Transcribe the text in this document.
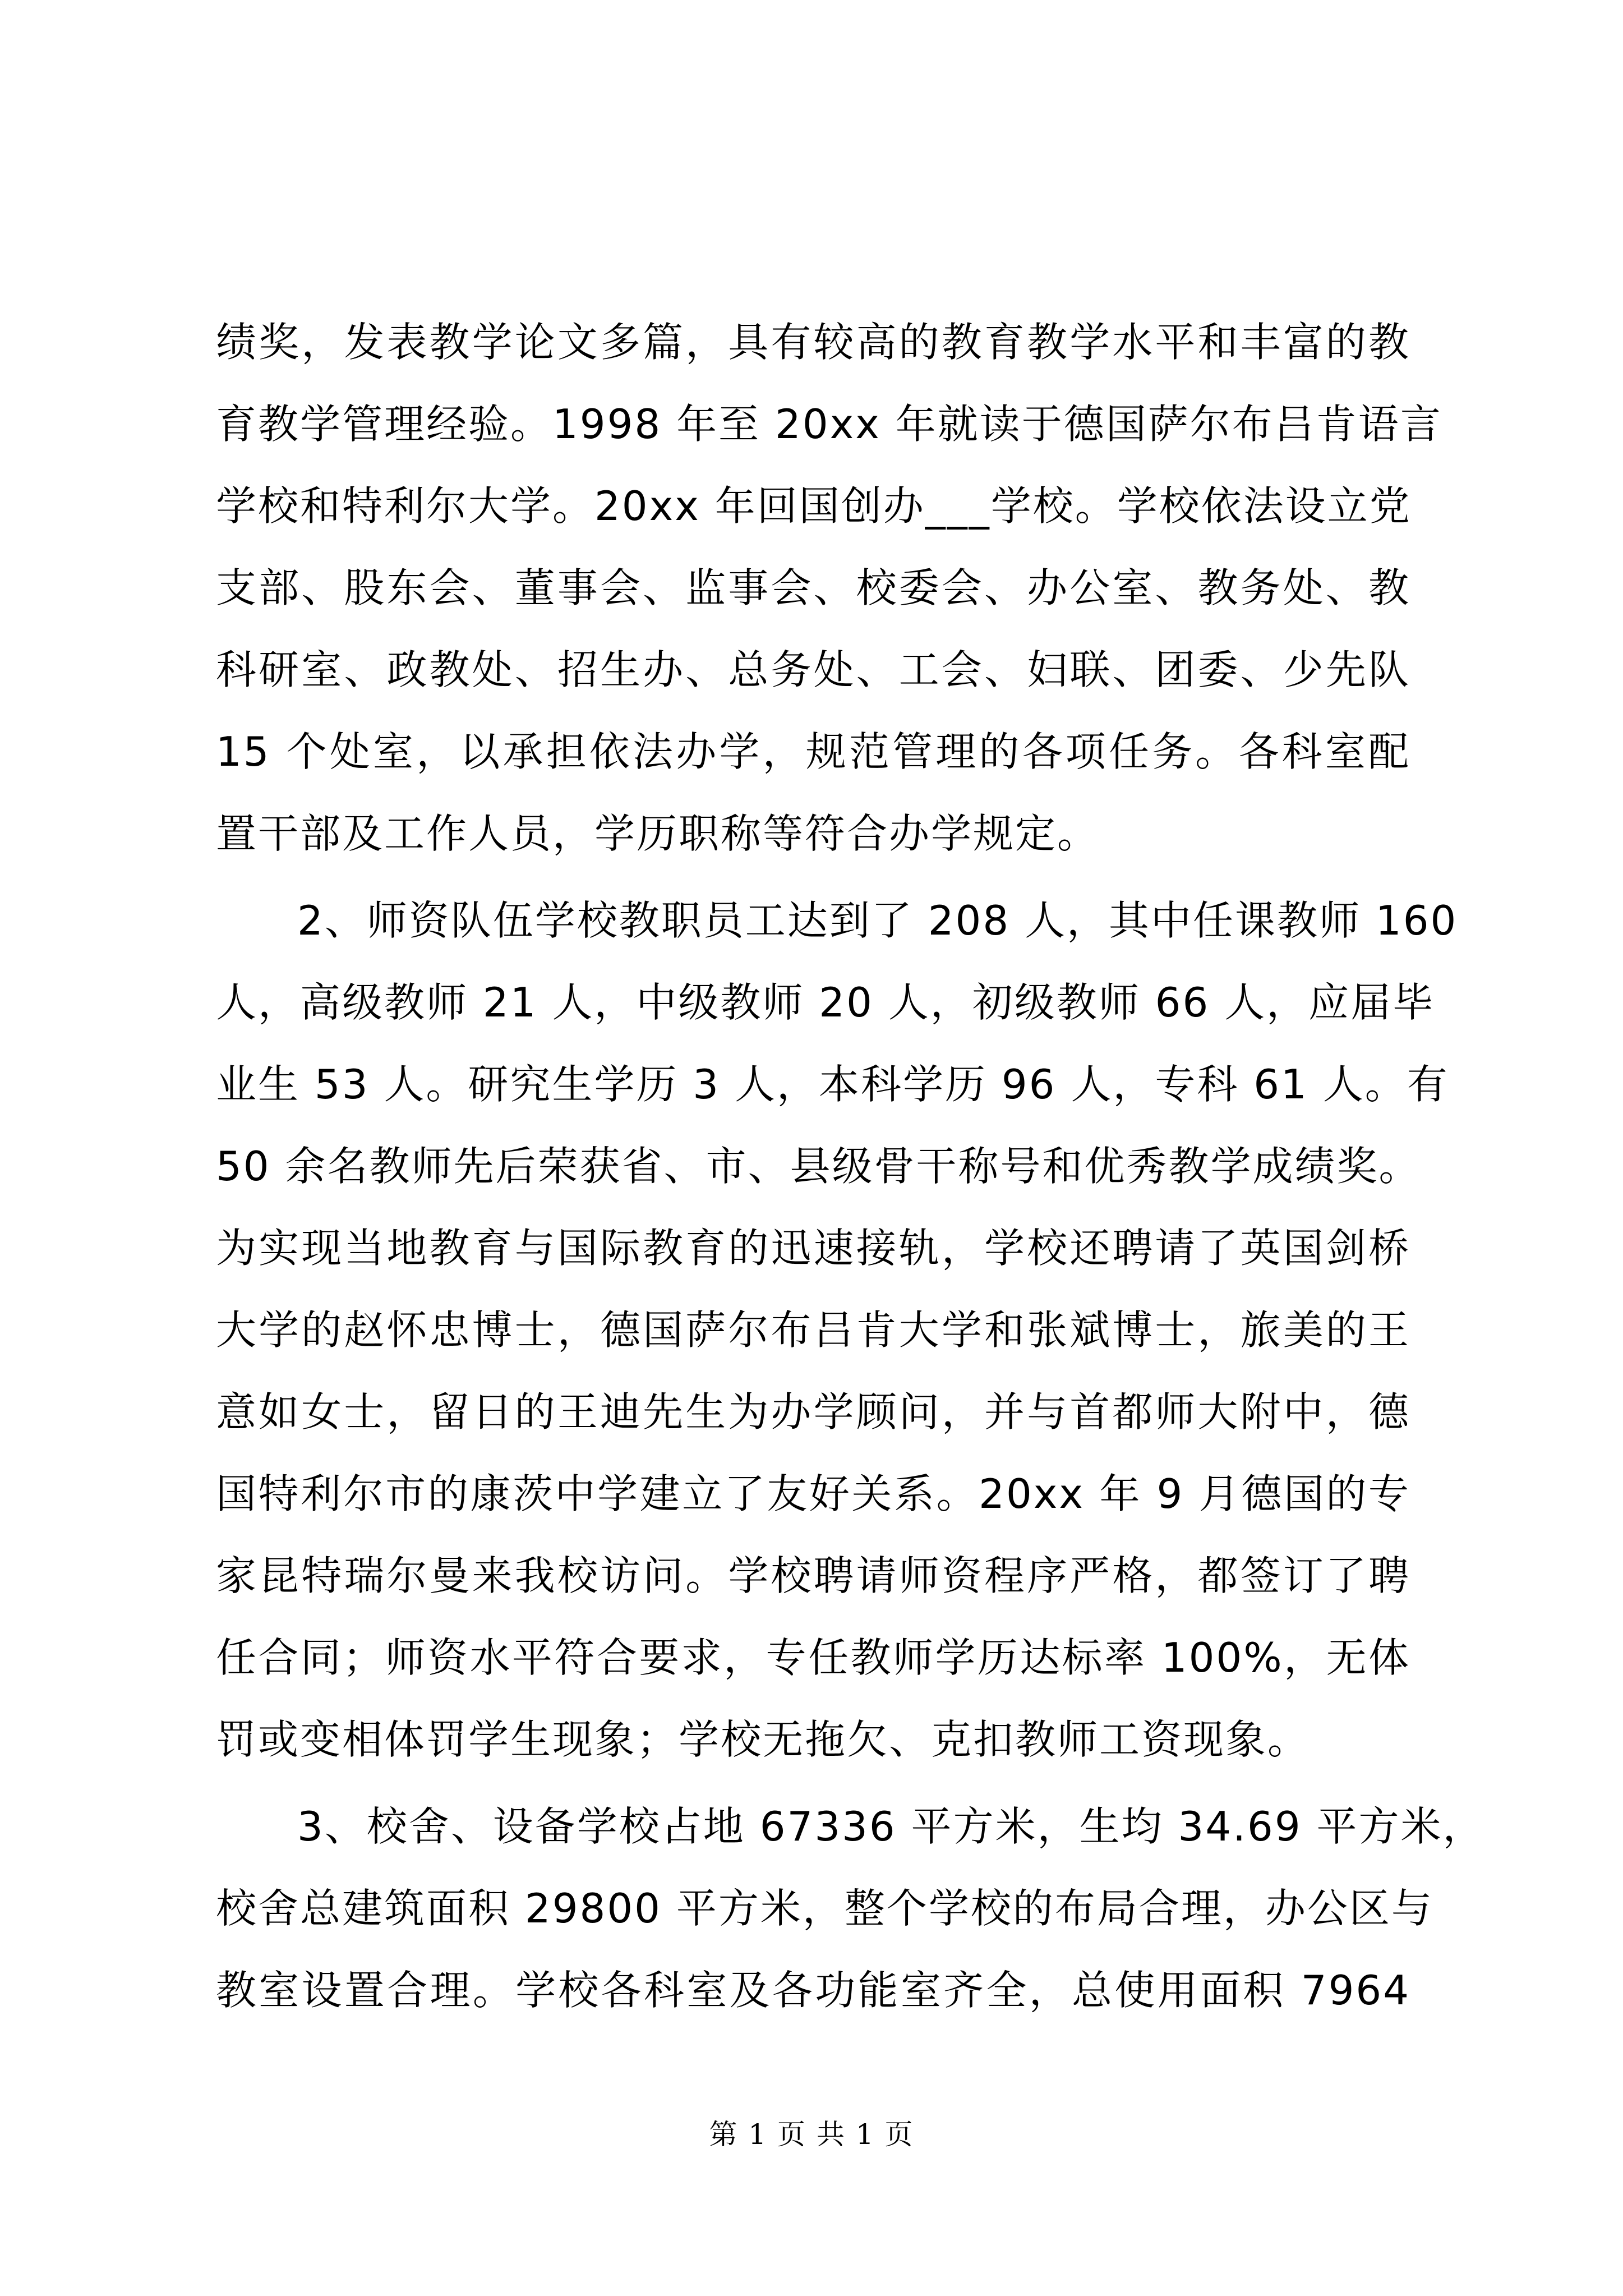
绩奖，发表教学论文多篇，具有较高的教育教学水平和丰富的教
育教学管理经验。1998 年至 20xx 年就读于德国萨尔布吕肯语言
学校和特利尔大学。20xx 年回国创办___学校。学校依法设立党
支部、股东会、董事会、监事会、校委会、办公室、教务处、教
科研室、政教处、招生办、总务处、工会、妇联、团委、少先队
15 个处室，以承担依法办学，规范管理的各项任务。各科室配
置干部及工作人员，学历职称等符合办学规定。
2、师资队伍学校教职员工达到了 208 人，其中任课教师 160
人，高级教师 21 人，中级教师 20 人，初级教师 66 人，应届毕
业生 53 人。研究生学历 3 人，本科学历 96 人，专科 61 人。有
50 余名教师先后荣获省、市、县级骨干称号和优秀教学成绩奖。
为实现当地教育与国际教育的迅速接轨，学校还聘请了英国剑桥
大学的赵怀忠博士，德国萨尔布吕肯大学和张斌博士，旅美的王
意如女士，留日的王迪先生为办学顾问，并与首都师大附中，德
国特利尔市的康茨中学建立了友好关系。20xx 年 9 月德国的专
家昆特瑞尔曼来我校访问。学校聘请师资程序严格，都签订了聘
任合同；师资水平符合要求，专任教师学历达标率 100%，无体
罚或变相体罚学生现象；学校无拖欠、克扣教师工资现象。
3、校舍、设备学校占地 67336 平方米，生均 34.69 平方米，
校舍总建筑面积 29800 平方米，整个学校的布局合理，办公区与
教室设置合理。学校各科室及各功能室齐全，总使用面积 7964
第 1 页 共 1 页
